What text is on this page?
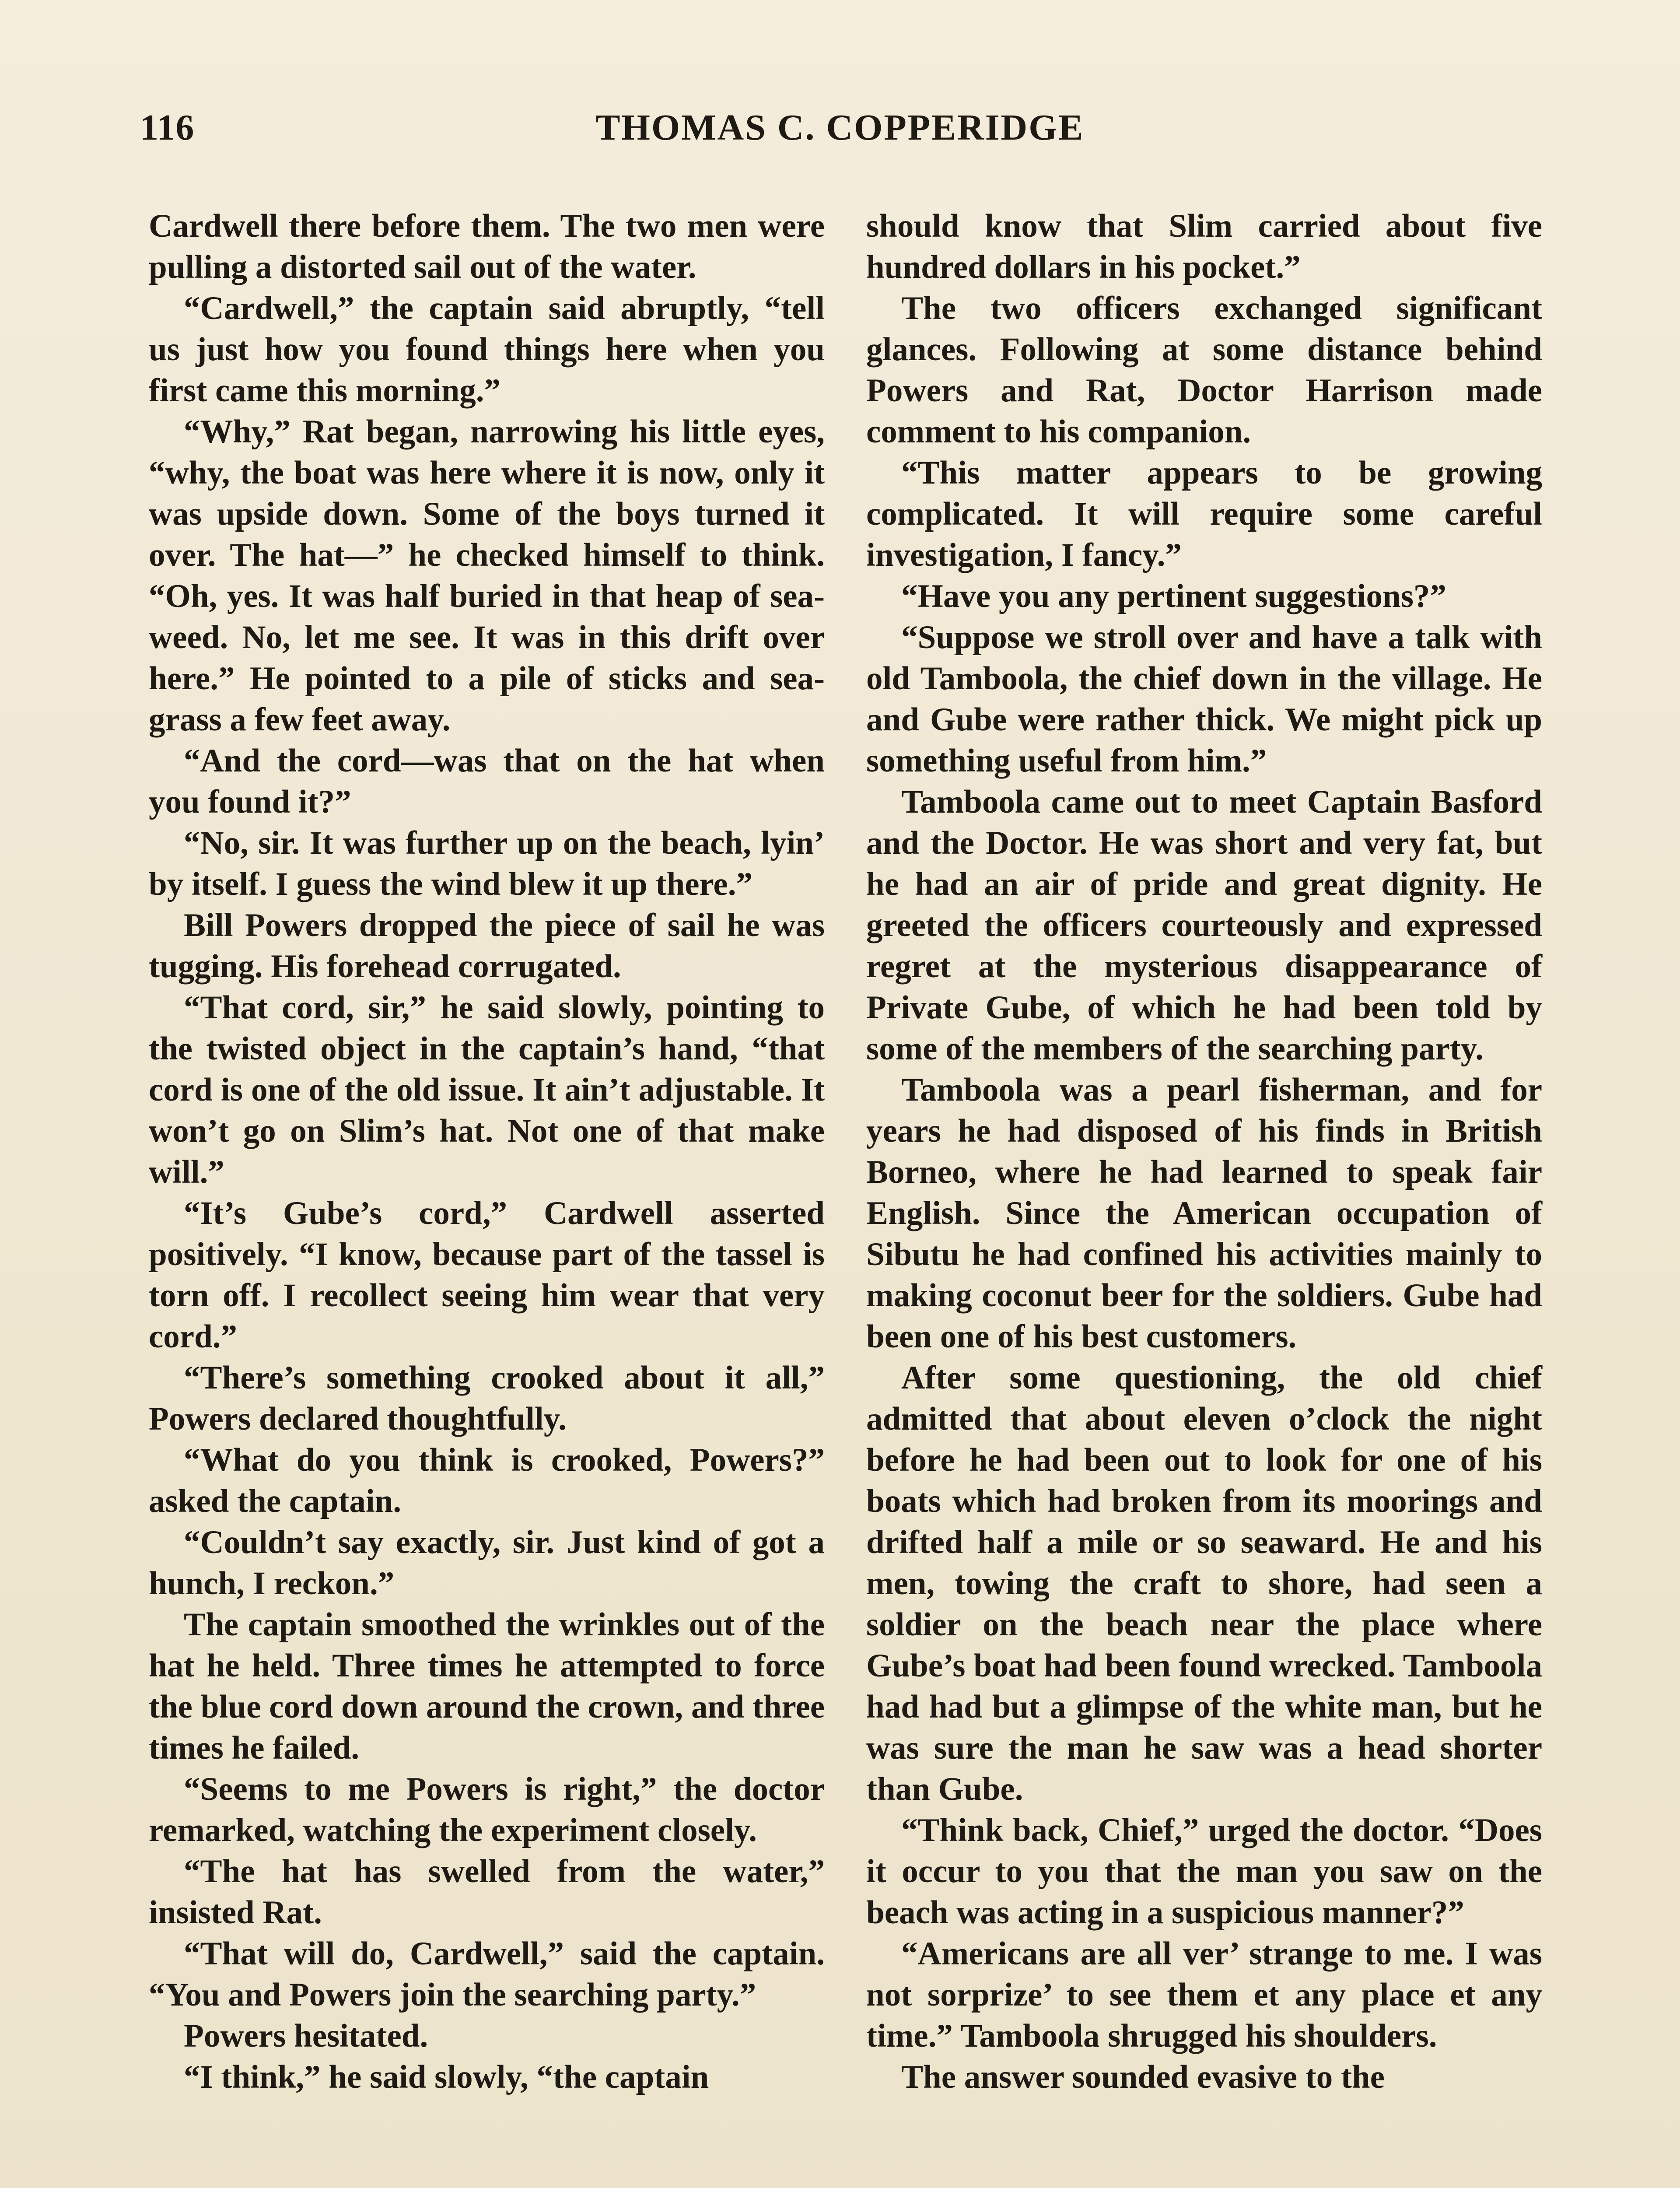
116	THOMAS C. COPPERIDGE

Cardwell there before them. The two men were pulling a distorted sail out of the water.

“Cardwell,” the captain said abruptly, “tell us just how you found things here when you first came this morning.”

“Why,” Rat began, narrowing his little eyes, “why, the boat was here where it is now, only it was upside down. Some of the boys turned it over. The hat—” he checked himself to think. “Oh, yes. It was half buried in that heap of sea-weed. No, let me see. It was in this drift over here.” He pointed to a pile of sticks and sea-grass a few feet away.

“And the cord—was that on the hat when you found it?”

“No, sir. It was further up on the beach, lyin’ by itself. I guess the wind blew it up there.”

Bill Powers dropped the piece of sail he was tugging. His forehead corrugated.

“That cord, sir,” he said slowly, pointing to the twisted object in the captain’s hand, “that cord is one of the old issue. It ain’t adjustable. It won’t go on Slim’s hat. Not one of that make will.”

“It’s Gube’s cord,” Cardwell asserted positively. “I know, because part of the tassel is torn off. I recollect seeing him wear that very cord.”

“There’s something crooked about it all,” Powers declared thoughtfully.

“What do you think is crooked, Powers?” asked the captain.

“Couldn’t say exactly, sir. Just kind of got a hunch, I reckon.”

The captain smoothed the wrinkles out of the hat he held. Three times he attempted to force the blue cord down around the crown, and three times he failed.

“Seems to me Powers is right,” the doctor remarked, watching the experiment closely.

“The hat has swelled from the water,” insisted Rat.

“That will do, Cardwell,” said the captain. “You and Powers join the searching party.”

Powers hesitated.

“I think,” he said slowly, “the captain

should know that Slim carried about five hundred dollars in his pocket.”

The two officers exchanged significant glances. Following at some distance behind Powers and Rat, Doctor Harrison made comment to his companion.

“This matter appears to be growing complicated. It will require some careful investigation, I fancy.”

“Have you any pertinent suggestions?”

“Suppose we stroll over and have a talk with old Tamboola, the chief down in the village. He and Gube were rather thick. We might pick up something useful from him.”

Tamboola came out to meet Captain Basford and the Doctor. He was short and very fat, but he had an air of pride and great dignity. He greeted the officers courteously and expressed regret at the mysterious disappearance of Private Gube, of which he had been told by some of the members of the searching party.

Tamboola was a pearl fisherman, and for years he had disposed of his finds in British Borneo, where he had learned to speak fair English. Since the American occupation of Sibutu he had confined his activities mainly to making coconut beer for the soldiers. Gube had been one of his best customers.

After some questioning, the old chief admitted that about eleven o’clock the night before he had been out to look for one of his boats which had broken from its moorings and drifted half a mile or so seaward. He and his men, towing the craft to shore, had seen a soldier on the beach near the place where Gube’s boat had been found wrecked. Tamboola had had but a glimpse of the white man, but he was sure the man he saw was a head shorter than Gube.

“Think back, Chief,” urged the doctor. “Does it occur to you that the man you saw on the beach was acting in a suspicious manner?”

“Americans are all ver’ strange to me. I was not sorprize’ to see them et any place et any time.” Tamboola shrugged his shoulders.

The answer sounded evasive to the
